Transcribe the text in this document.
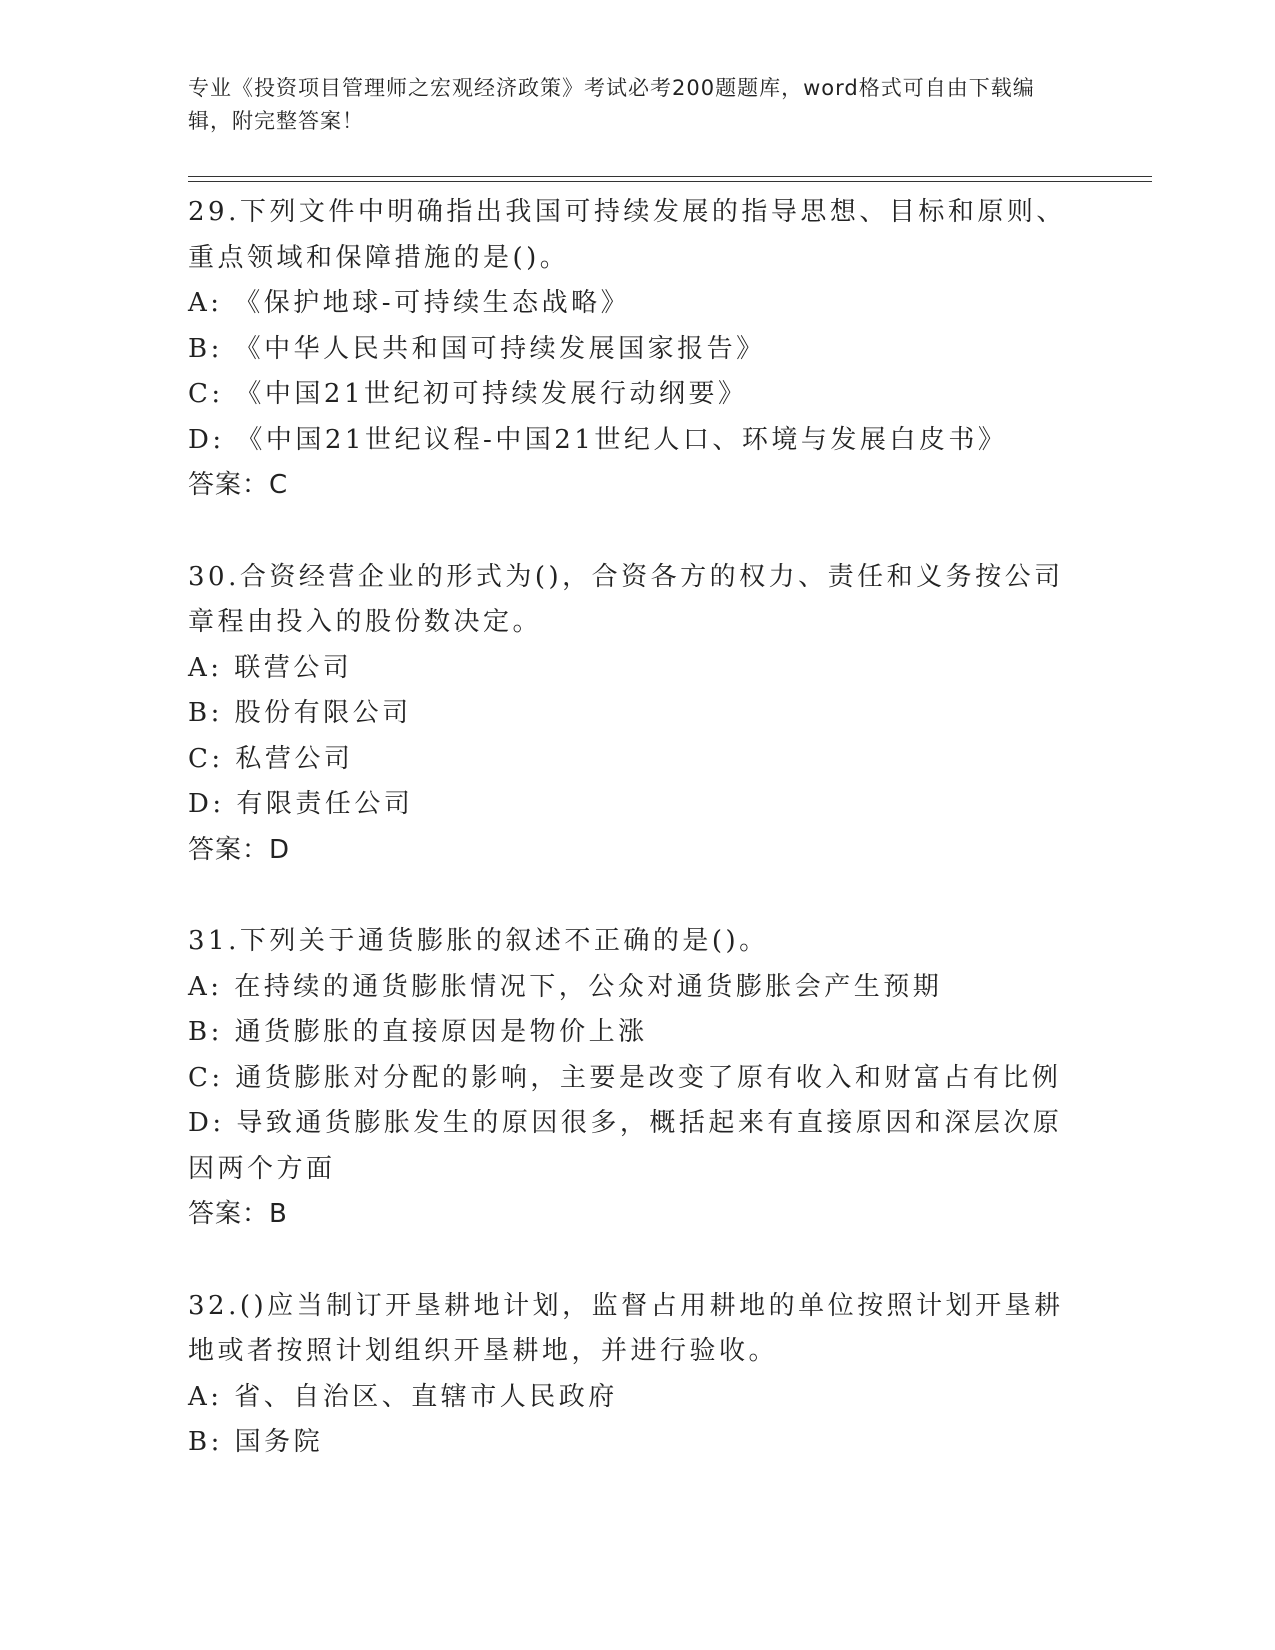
专业《投资项目管理师之宏观经济政策》考试必考200题题库，word格式可自由下载编辑，附完整答案！

29.下列文件中明确指出我国可持续发展的指导思想、目标和原则、重点领域和保障措施的是()。

A: 《保护地球-可持续生态战略》

B: 《中华人民共和国可持续发展国家报告》

C: 《中国21世纪初可持续发展行动纲要》

D: 《中国21世纪议程-中国21世纪人口、环境与发展白皮书》

答案：C

30.合资经营企业的形式为()，合资各方的权力、责任和义务按公司章程由投入的股份数决定。

A: 联营公司

B: 股份有限公司

C: 私营公司

D: 有限责任公司

答案：D

31.下列关于通货膨胀的叙述不正确的是()。

A: 在持续的通货膨胀情况下，公众对通货膨胀会产生预期

B: 通货膨胀的直接原因是物价上涨

C: 通货膨胀对分配的影响，主要是改变了原有收入和财富占有比例

D: 导致通货膨胀发生的原因很多，概括起来有直接原因和深层次原因两个方面

答案：B

32.()应当制订开垦耕地计划，监督占用耕地的单位按照计划开垦耕地或者按照计划组织开垦耕地，并进行验收。

A: 省、自治区、直辖市人民政府

B: 国务院
